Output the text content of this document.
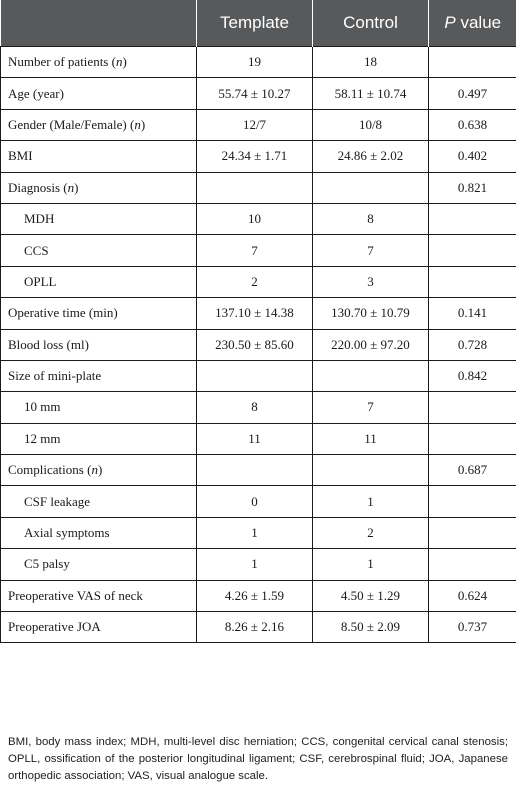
	Template	Control	P value
Number of patients (n)	19	18	
Age (year)	55.74 ± 10.27	58.11 ± 10.74	0.497
Gender (Male/Female) (n)	12/7	10/8	0.638
BMI	24.34 ± 1.71	24.86 ± 2.02	0.402
Diagnosis (n)			0.821
MDH	10	8	
CCS	7	7	
OPLL	2	3	
Operative time (min)	137.10 ± 14.38	130.70 ± 10.79	0.141
Blood loss (ml)	230.50 ± 85.60	220.00 ± 97.20	0.728
Size of mini-plate			0.842
10 mm	8	7	
12 mm	11	11	
Complications (n)			0.687
CSF leakage	0	1	
Axial symptoms	1	2	
C5 palsy	1	1	
Preoperative VAS of neck	4.26 ± 1.59	4.50 ± 1.29	0.624
Preoperative JOA	8.26 ± 2.16	8.50 ± 2.09	0.737

BMI, body mass index; MDH, multi-level disc herniation; CCS, congenital cervical canal stenosis; OPLL, ossification of the posterior longitudinal ligament; CSF, cerebrospinal fluid; JOA, Japanese orthopedic association; VAS, visual analogue scale.
